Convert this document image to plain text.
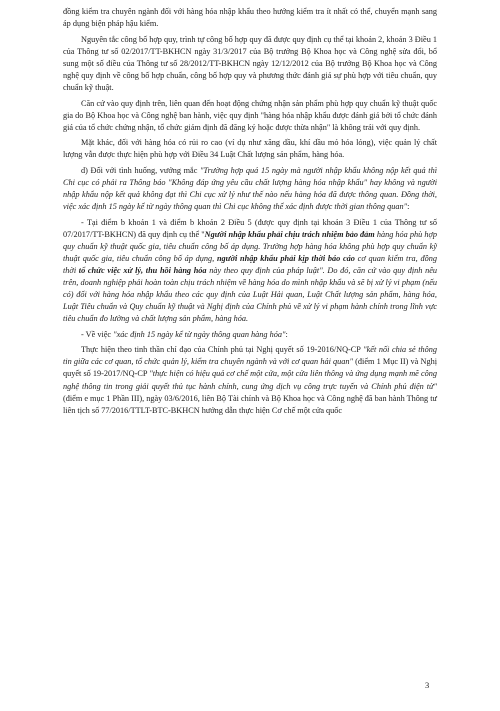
đồng kiểm tra chuyên ngành đối với hàng hóa nhập khẩu theo hướng kiểm tra ít nhất có thể, chuyển mạnh sang áp dụng biện pháp hậu kiểm.

Nguyên tắc công bố hợp quy, trình tự công bố hợp quy đã được quy định cụ thể tại khoản 2, khoản 3 Điều 1 của Thông tư số 02/2017/TT-BKHCN ngày 31/3/2017 của Bộ trưởng Bộ Khoa học và Công nghệ sửa đổi, bổ sung một số điều của Thông tư số 28/2012/TT-BKHCN ngày 12/12/2012 của Bộ trưởng Bộ Khoa học và Công nghệ quy định về công bố hợp chuẩn, công bố hợp quy và phương thức đánh giá sự phù hợp với tiêu chuẩn, quy chuẩn kỹ thuật.

Căn cứ vào quy định trên, liên quan đến hoạt động chứng nhận sản phẩm phù hợp quy chuẩn kỹ thuật quốc gia do Bộ Khoa học và Công nghệ ban hành, việc quy định "hàng hóa nhập khẩu được đánh giá bởi tổ chức đánh giá của tổ chức chứng nhận, tổ chức giám định đã đăng ký hoặc được thừa nhận" là không trái với quy định.

Mặt khác, đối với hàng hóa có rủi ro cao (ví dụ như xăng dầu, khí dầu mỏ hóa lỏng), việc quản lý chất lượng vẫn được thực hiện phù hợp với Điều 34 Luật Chất lượng sản phẩm, hàng hóa.

d) Đối với tình huống, vướng mắc "Trường hợp quá 15 ngày mà người nhập khẩu không nộp kết quả thì Chi cục có phải ra Thông báo "Không đáp ứng yêu cầu chất lượng hàng hóa nhập khẩu" hay không và người nhập khẩu nộp kết quả không đạt thì Chi cục xử lý như thế nào nếu hàng hóa đã được thông quan. Đồng thời, việc xác định 15 ngày kể từ ngày thông quan thì Chi cục không thể xác định được thời gian thông quan":

- Tại điểm b khoản 1 và điểm b khoản 2 Điều 5 (được quy định tại khoản 3 Điều 1 của Thông tư số 07/2017/TT-BKHCN) đã quy định cụ thể "Người nhập khẩu phải chịu trách nhiệm bảo đảm hàng hóa phù hợp quy chuẩn kỹ thuật quốc gia, tiêu chuẩn công bố áp dụng. Trường hợp hàng hóa không phù hợp quy chuẩn kỹ thuật quốc gia, tiêu chuẩn công bố áp dụng, người nhập khẩu phải kịp thời báo cáo cơ quan kiểm tra, đồng thời tổ chức việc xử lý, thu hồi hàng hóa này theo quy định của pháp luật". Do đó, căn cứ vào quy định nêu trên, doanh nghiệp phải hoàn toàn chịu trách nhiệm về hàng hóa do mình nhập khẩu và sẽ bị xử lý vi phạm (nếu có) đối với hàng hóa nhập khẩu theo các quy định của Luật Hải quan, Luật Chất lượng sản phẩm, hàng hóa, Luật Tiêu chuẩn và Quy chuẩn kỹ thuật và Nghị định của Chính phủ về xử lý vi phạm hành chính trong lĩnh vực tiêu chuẩn đo lường và chất lượng sản phẩm, hàng hóa.

- Về việc "xác định 15 ngày kể từ ngày thông quan hàng hóa":

Thực hiện theo tinh thần chỉ đạo của Chính phủ tại Nghị quyết số 19-2016/NQ-CP "kết nối chia sẻ thông tin giữa các cơ quan, tổ chức quản lý, kiểm tra chuyên ngành và với cơ quan hải quan" (điểm 1 Mục II) và Nghị quyết số 19-2017/NQ-CP "thực hiện có hiệu quả cơ chế một cửa, một cửa liên thông và ứng dụng mạnh mẽ công nghệ thông tin trong giải quyết thủ tục hành chính, cung ứng dịch vụ công trực tuyến và Chính phủ điện tử" (điểm e mục 1 Phần III), ngày 03/6/2016, liên Bộ Tài chính và Bộ Khoa học và Công nghệ đã ban hành Thông tư liên tịch số 77/2016/TTLT-BTC-BKHCN hướng dẫn thực hiện Cơ chế một cửa quốc

3
